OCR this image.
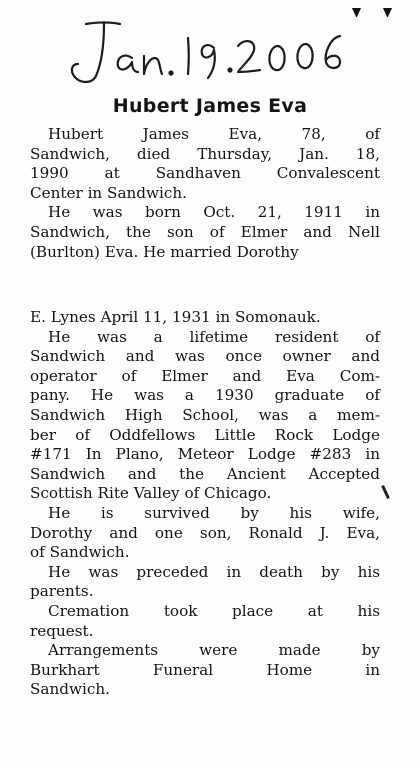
Hubert James Eva
Hubert James Eva, 78, of
Sandwich, died Thursday, Jan. 18,
1990 at Sandhaven Convalescent
Center in Sandwich.
He was born Oct. 21, 1911 in
Sandwich, the son of Elmer and Nell
(Burlton) Eva. He married Dorothy
E. Lynes April 11, 1931 in Somonauk.
He was a lifetime resident of
Sandwich and was once owner and
operator of Elmer and Eva Com-
pany. He was a 1930 graduate of
Sandwich High School, was a mem-
ber of Oddfellows Little Rock Lodge
#171 In Plano, Meteor Lodge #283 in
Sandwich and the Ancient Accepted
Scottish Rite Valley of Chicago.
He is survived by his wife,
Dorothy and one son, Ronald J. Eva,
of Sandwich.
He was preceded in death by his
parents.
Cremation took place at his
request.
Arrangements were made by
Burkhart Funeral Home in
Sandwich.
